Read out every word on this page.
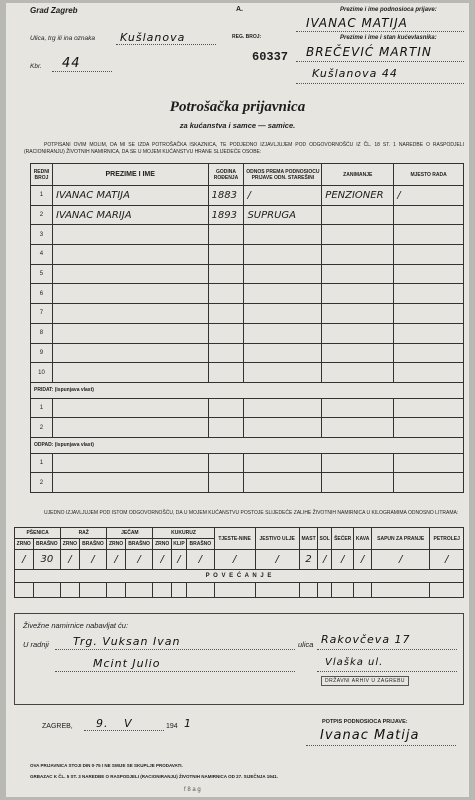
Grad Zagreb
Ulica, trg ili ina oznaka Kušlanova
Kbr. 44
A.
REG. BROJ:
60337
Prezime i ime podnosioca prijave:
IVANAC MATIJA
Prezime i ime i stan kućevlasnika:
BREČEVIĆ MARTIN
Kušlanova 44
Potrošačka prijavnica
za kućanstva i samce — samice.
POTPISANI OVIM MOLIM, DA MI SE IZDA POTROŠAČKA ISKAZNICA, TE PODJEDNO IZJAVLJUJEM POD ODGOVORNOŠĆU IZ ČL. 18 ST. 1 NAREDBE O RASPODJELI (RACIONIRANJU) ŽIVOTNIH NAMIRNICA, DA SE U MOJEM KUĆANSTVU HRANE SLIJEDEĆE OSOBE:
REDNI BROJ	PREZIME I IME	GODINA ROĐENJA	ODNOS PREMA PODNOSIOCU PRIJAVE ODN. STAREŠINI	ZANIMANJE	MJESTO RADA
1	IVANAC MATIJA	1883	/	PENZIONER	/
2	IVANAC MARIJA	1893	SUPRUGA		
3					
4					
5					
6					
7					
8					
9					
10					
PRIDAT: (ispunjava vlast)					
1					
2					
ODPAD: (ispunjava vlast)					
1					
2					
UJEDNO IZJAVLJUJEM POD ISTOM ODGOVORNOŠĆU, DA U MOJEM KUĆANSTVU POSTOJE SLIJEDEĆE ZALIHE ŽIVOTNIH NAMIRNICA U KILOGRAMIMA ODNOSNO LITRAMA:
PŠENICA		RAŽ		JEČAM		KUKURUZ			TJESTE-NINE	JESTIVO ULJE	MAST	SOL	ŠEĆER	KAVA	SAPUN ZA PRANJE	PETROLEJ
ZRNO	BRAŠNO	ZRNO	BRAŠNO	ZRNO	BRAŠNO	ZRNO	KLIP	BRAŠNO								
/	30	/	/	/	/	/	/	/	/	/	2	/	/	/	/	/
P O V E Ć A N J E																

Živežne namirnice nabavljat ću:
U radnji Trg. Vuksan Ivan	ulica Rakovčeva 17
Mcint Julio	Vlaška ul.
DRŽAVNI ARHIV U ZAGREBU
ZAGREB, 9. V	194 1	POTPIS PODNOSIOCA PRIJAVE:
Ivanac Matija
OVA PRIJAVNICA STOJI DIN 0·75 I NE SMIJE SE SKUPLJE PRODAVATI.
GRBAZAC K ČL. 5 ST. 3 NAREDBE O RASPODJELI (RACIONIRANJU) ŽIVOTNIH NAMIRNICA OD 27. SIJEČNJA 1941.
f 8 a g
